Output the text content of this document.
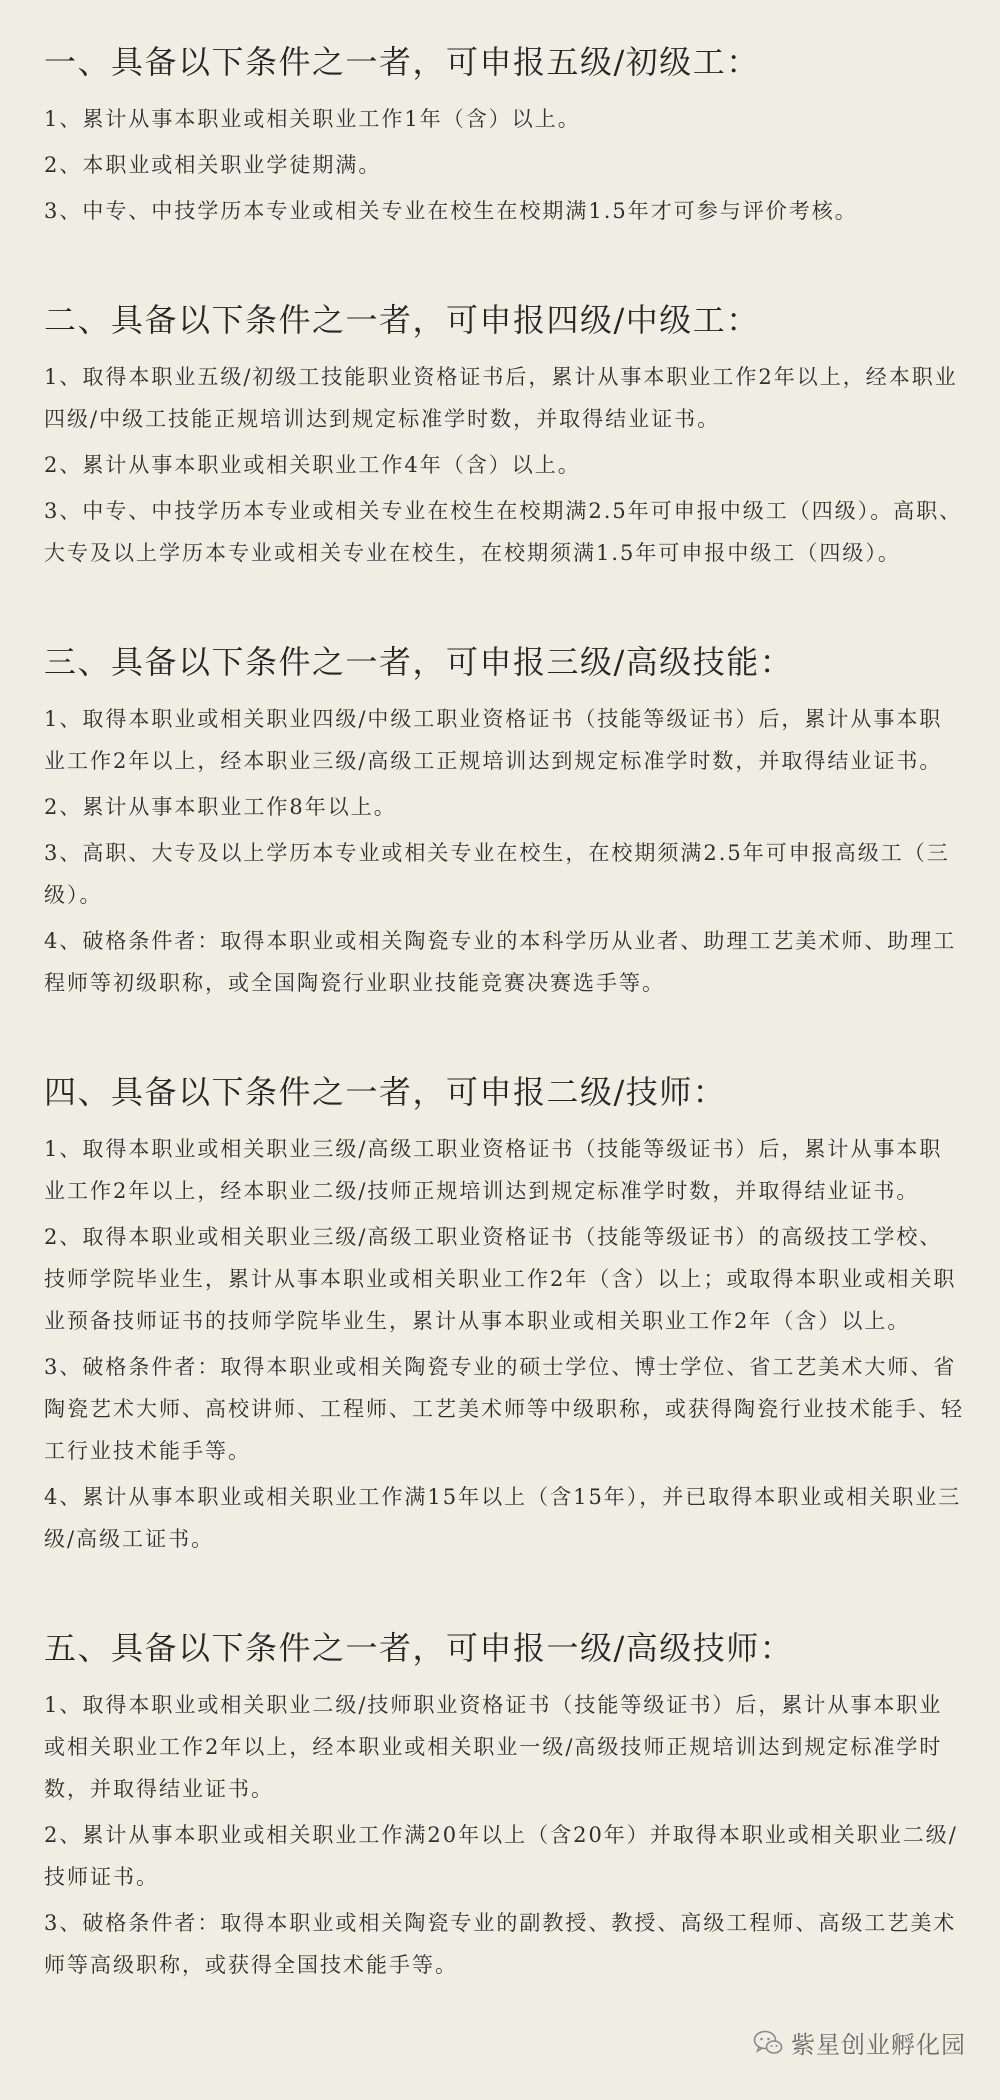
一、具备以下条件之一者，可申报五级/初级工：
1、累计从事本职业或相关职业工作1年（含）以上。
2、本职业或相关职业学徒期满。
3、中专、中技学历本专业或相关专业在校生在校期满1.5年才可参与评价考核。
二、具备以下条件之一者，可申报四级/中级工：
1、取得本职业五级/初级工技能职业资格证书后，累计从事本职业工作2年以上，经本职业四级/中级工技能正规培训达到规定标准学时数，并取得结业证书。
2、累计从事本职业或相关职业工作4年（含）以上。
3、中专、中技学历本专业或相关专业在校生在校期满2.5年可申报中级工（四级）。高职、大专及以上学历本专业或相关专业在校生，在校期须满1.5年可申报中级工（四级）。
三、具备以下条件之一者，可申报三级/高级技能：
1、取得本职业或相关职业四级/中级工职业资格证书（技能等级证书）后，累计从事本职业工作2年以上，经本职业三级/高级工正规培训达到规定标准学时数，并取得结业证书。
2、累计从事本职业工作8年以上。
3、高职、大专及以上学历本专业或相关专业在校生，在校期须满2.5年可申报高级工（三级）。
4、破格条件者：取得本职业或相关陶瓷专业的本科学历从业者、助理工艺美术师、助理工程师等初级职称，或全国陶瓷行业职业技能竞赛决赛选手等。
四、具备以下条件之一者，可申报二级/技师：
1、取得本职业或相关职业三级/高级工职业资格证书（技能等级证书）后，累计从事本职业工作2年以上，经本职业二级/技师正规培训达到规定标准学时数，并取得结业证书。
2、取得本职业或相关职业三级/高级工职业资格证书（技能等级证书）的高级技工学校、技师学院毕业生，累计从事本职业或相关职业工作2年（含）以上；或取得本职业或相关职业预备技师证书的技师学院毕业生，累计从事本职业或相关职业工作2年（含）以上。
3、破格条件者：取得本职业或相关陶瓷专业的硕士学位、博士学位、省工艺美术大师、省陶瓷艺术大师、高校讲师、工程师、工艺美术师等中级职称，或获得陶瓷行业技术能手、轻工行业技术能手等。
4、累计从事本职业或相关职业工作满15年以上（含15年），并已取得本职业或相关职业三级/高级工证书。
五、具备以下条件之一者，可申报一级/高级技师：
1、取得本职业或相关职业二级/技师职业资格证书（技能等级证书）后，累计从事本职业或相关职业工作2年以上，经本职业或相关职业一级/高级技师正规培训达到规定标准学时数，并取得结业证书。
2、累计从事本职业或相关职业工作满20年以上（含20年）并取得本职业或相关职业二级/技师证书。
3、破格条件者：取得本职业或相关陶瓷专业的副教授、教授、高级工程师、高级工艺美术师等高级职称，或获得全国技术能手等。
紫星创业孵化园
